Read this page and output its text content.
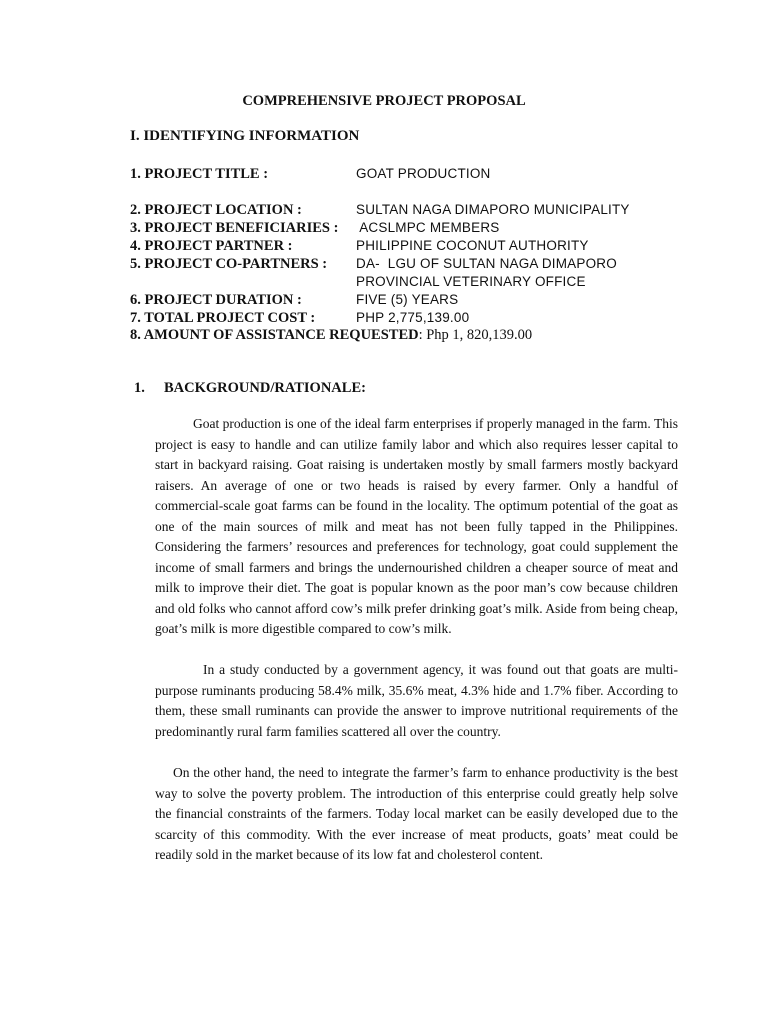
COMPREHENSIVE PROJECT PROPOSAL
I. IDENTIFYING INFORMATION
1. PROJECT TITLE :	GOAT PRODUCTION
2. PROJECT LOCATION :	SULTAN NAGA DIMAPORO MUNICIPALITY
3. PROJECT BENEFICIARIES : ACSLMPC MEMBERS
4. PROJECT PARTNER :	PHILIPPINE COCONUT AUTHORITY
5. PROJECT CO-PARTNERS : DA-  LGU OF SULTAN NAGA DIMAPORO
PROVINCIAL VETERINARY OFFICE
6. PROJECT DURATION :	FIVE (5) YEARS
7. TOTAL PROJECT COST :	PHP 2,775,139.00
8. AMOUNT OF ASSISTANCE REQUESTED: Php 1, 820,139.00
1. BACKGROUND/RATIONALE:

Goat production is one of the ideal farm enterprises if properly managed in the farm. This project is easy to handle and can utilize family labor and which also requires lesser capital to start in backyard raising. Goat raising is undertaken mostly by small farmers mostly backyard raisers. An average of one or two heads is raised by every farmer. Only a handful of commercial-scale goat farms can be found in the locality. The optimum potential of the goat as one of the main sources of milk and meat has not been fully tapped in the Philippines. Considering the farmers’ resources and preferences for technology, goat could supplement the income of small farmers and brings the undernourished children a cheaper source of meat and milk to improve their diet. The goat is popular known as the poor man’s cow because children and old folks who cannot afford cow’s milk prefer drinking goat’s milk. Aside from being cheap, goat’s milk is more digestible compared to cow’s milk.

In a study conducted by a government agency, it was found out that goats are multi-purpose ruminants producing 58.4% milk, 35.6% meat, 4.3% hide and 1.7% fiber. According to them, these small ruminants can provide the answer to improve nutritional requirements of the predominantly rural farm families scattered all over the country.

On the other hand, the need to integrate the farmer’s farm to enhance productivity is the best way to solve the poverty problem. The introduction of this enterprise could greatly help solve the financial constraints of the farmers. Today local market can be easily developed due to the scarcity of this commodity. With the ever increase of meat products, goats’ meat could be readily sold in the market because of its low fat and cholesterol content.
